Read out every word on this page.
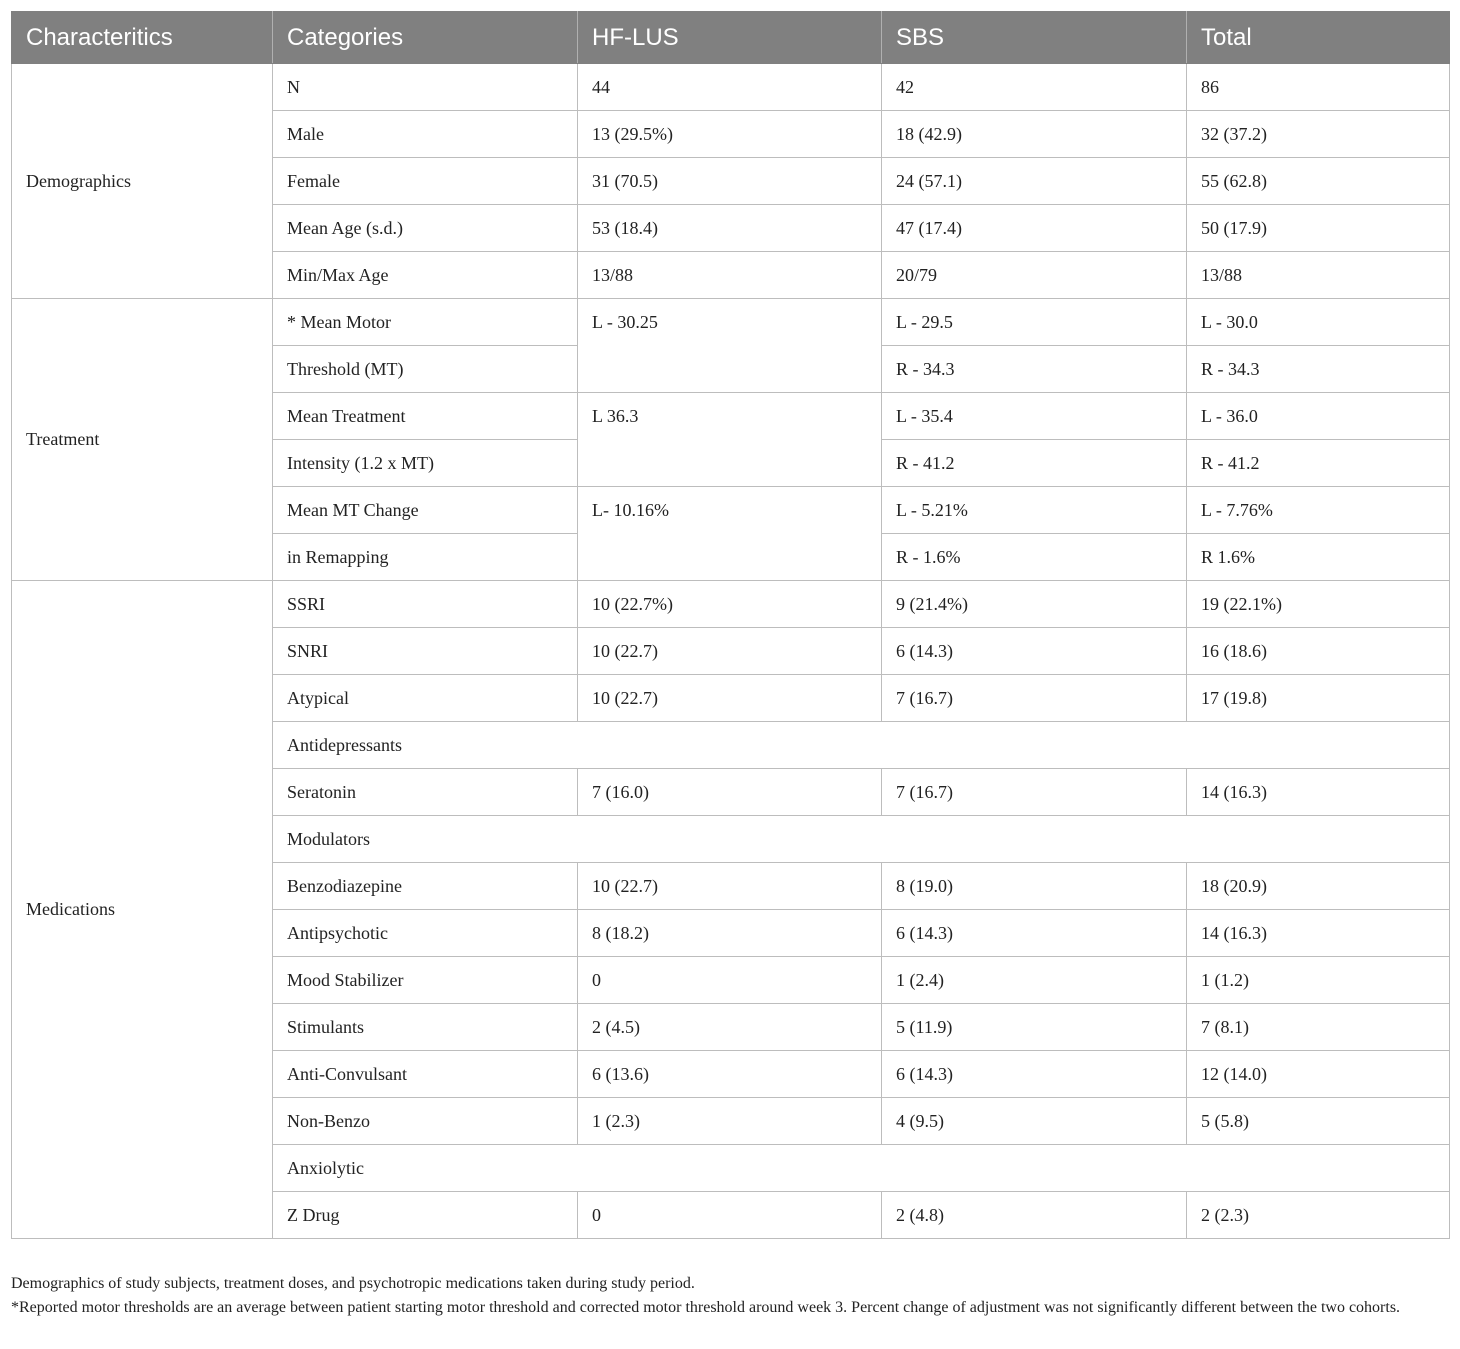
Characteritics	Categories	HF-LUS	SBS	Total
Demographics	N	44	42	86
	Male	13 (29.5%)	18 (42.9)	32 (37.2)
	Female	31 (70.5)	24 (57.1)	55 (62.8)
	Mean Age (s.d.)	53 (18.4)	47 (17.4)	50 (17.9)
	Min/Max Age	13/88	20/79	13/88
Treatment	* Mean Motor	L - 30.25	L - 29.5	L - 30.0
	Threshold (MT)		R - 34.3	R - 34.3
	Mean Treatment	L 36.3	L - 35.4	L - 36.0
	Intensity (1.2 x MT)		R - 41.2	R - 41.2
	Mean MT Change	L- 10.16%	L - 5.21%	L - 7.76%
	in Remapping		R - 1.6%	R 1.6%
Medications	SSRI	10 (22.7%)	9 (21.4%)	19 (22.1%)
	SNRI	10 (22.7)	6 (14.3)	16 (18.6)
	Atypical	10 (22.7)	7 (16.7)	17 (19.8)
	Antidepressants			
	Seratonin	7 (16.0)	7 (16.7)	14 (16.3)
	Modulators			
	Benzodiazepine	10 (22.7)	8 (19.0)	18 (20.9)
	Antipsychotic	8 (18.2)	6 (14.3)	14 (16.3)
	Mood Stabilizer	0	1 (2.4)	1 (1.2)
	Stimulants	2 (4.5)	5 (11.9)	7 (8.1)
	Anti-Convulsant	6 (13.6)	6 (14.3)	12 (14.0)
	Non-Benzo	1 (2.3)	4 (9.5)	5 (5.8)
	Anxiolytic			
	Z Drug	0	2 (4.8)	2 (2.3)

Demographics of study subjects, treatment doses, and psychotropic medications taken during study period.

*Reported motor thresholds are an average between patient starting motor threshold and corrected motor threshold around week 3. Percent change of adjustment was not significantly different between the two cohorts.
